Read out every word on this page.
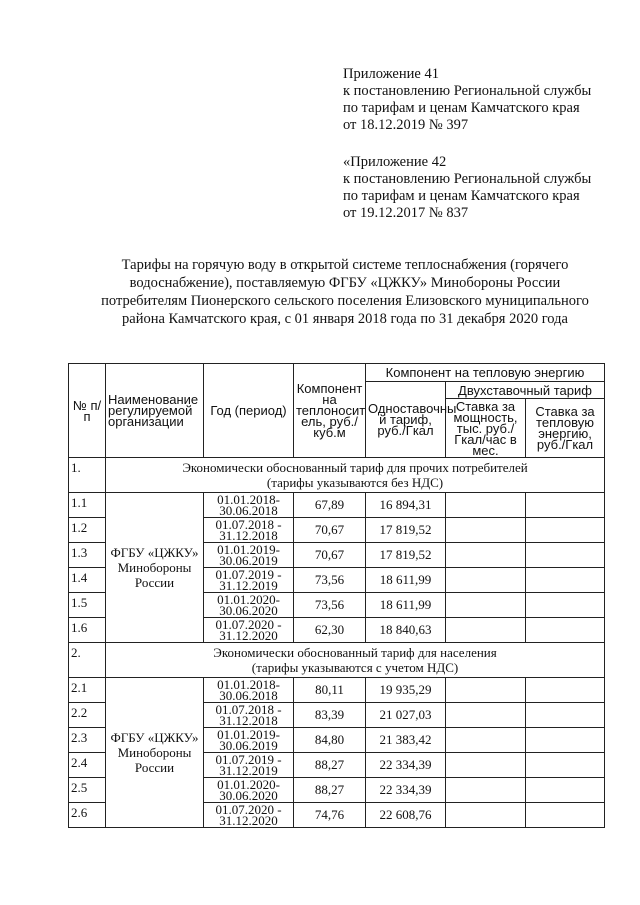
Приложение 41
к постановлению Региональной службы
по тарифам и ценам Камчатского края
от 18.12.2019 № 397
«Приложение 42
к постановлению Региональной службы
по тарифам и ценам Камчатского края
от 19.12.2017 № 837
Тарифы на горячую воду в открытой системе теплоснабжения (горячего
водоснабжение), поставляемую ФГБУ «ЦЖКУ» Минобороны России
потребителям Пионерского сельского поселения Елизовского муниципального
района Камчатского края, с 01 января 2018 года по 31 декабря 2020 года
№ п/п	Наименование регулируемой организации	Год (период)	Компонент на теплоносит ель, руб./куб.м	Компонент на тепловую энергию		
				Одноставочны й тариф, руб./Гкал	Двухставочный тариф	
					Ставка за мощность, тыс. руб./Гкал/час в мес.	Ставка за тепловую энергию, руб./Гкал
1.	Экономически обоснованный тариф для прочих потребителей
(тарифы указываются без НДС)					

1.1	ФГБУ «ЦЖКУ» Минобороны России	01.01.2018- 30.06.2018	67,89	16 894,31		
1.2		01.07.2018 - 31.12.2018	70,67	17 819,52		
1.3		01.01.2019- 30.06.2019	70,67	17 819,52		
1.4		01.07.2019 - 31.12.2019	73,56	18 611,99		
1.5		01.01.2020- 30.06.2020	73,56	18 611,99		
1.6		01.07.2020 - 31.12.2020	62,30	18 840,63		
2.	Экономически обоснованный тариф для населения
(тарифы указываются с учетом НДС)					

2.1	ФГБУ «ЦЖКУ» Минобороны России	01.01.2018- 30.06.2018	80,11	19 935,29		
2.2		01.07.2018 - 31.12.2018	83,39	21 027,03		
2.3		01.01.2019- 30.06.2019	84,80	21 383,42		
2.4		01.07.2019 - 31.12.2019	88,27	22 334,39		
2.5		01.01.2020- 30.06.2020	88,27	22 334,39		
2.6		01.07.2020 - 31.12.2020	74,76	22 608,76		
